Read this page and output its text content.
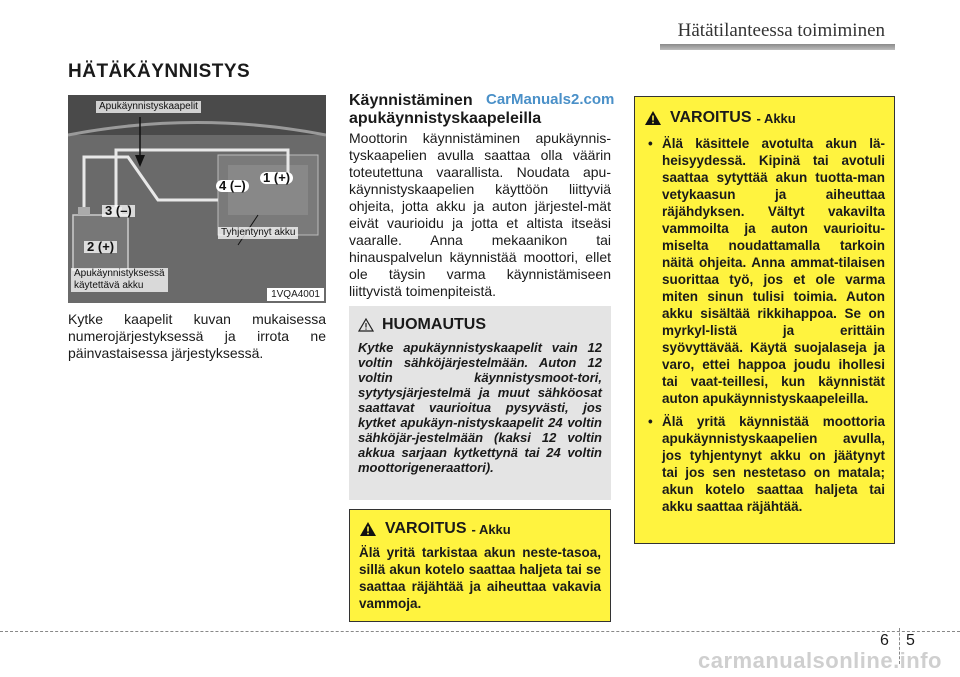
Hätätilanteessa toimiminen
HÄTÄKÄYNNISTYS
Apukäynnistyskaapelit
Tyhjentynyt akku
Apukäynnistyksessä
käytettävä akku
1 (+)
4 (–)
3 (–)
2 (+)
1VQA4001

Kytke kaapelit kuvan mukaisessa numerojärjestyksessä ja irrota ne päinvastaisessa järjestyksessä.

Käynnistäminen apukäynnistyskaapeleilla
CarManuals2.com

Moottorin käynnistäminen apukäynnis-tyskaapelien avulla saattaa olla väärin toteutettuna vaarallista. Noudata apu-käynnistyskaapelien käyttöön liittyviä ohjeita, jotta akku ja auton järjestel-mät eivät vaurioidu ja jotta et altista itseäsi vaaralle. Anna mekaanikon tai hinauspalvelun käynnistää moottori, ellet ole täysin varma käynnistämiseen liittyvistä toimenpiteistä.

HUOMAUTUS

Kytke apukäynnistyskaapelit vain 12 voltin sähköjärjestelmään. Auton 12 voltin käynnistysmoot-tori, sytytysjärjestelmä ja muut sähköosat saattavat vaurioitua pysyvästi, jos kytket apukäyn-nistyskaapelit 24 voltin sähköjär-jestelmään (kaksi 12 voltin akkua sarjaan kytkettynä tai 24 voltin moottorigeneraattori).

VAROITUS - Akku

Älä yritä tarkistaa akun neste-tasoa, sillä akun kotelo saattaa haljeta tai se saattaa räjähtää ja aiheuttaa vakavia vammoja.

VAROITUS - Akku
• Älä käsittele avotulta akun lä-heisyydessä. Kipinä tai avotuli saattaa sytyttää akun tuotta-man vetykaasun ja aiheuttaa räjähdyksen. Vältyt vakavilta vammoilta ja auton vaurioitu-miselta noudattamalla tarkoin näitä ohjeita. Anna ammat-tilaisen suorittaa työ, jos et ole varma miten sinun tulisi toimia. Auton akku sisältää rikkihappoa. Se on myrkyl-listä ja erittäin syövyttävää. Käytä suojalaseja ja varo, ettei happoa joudu ihollesi tai vaat-teillesi, kun käynnistät auton apukäynnistyskaapeleilla.
• Älä yritä käynnistää moottoria apukäynnistyskaapelien avulla, jos tyhjentynyt akku on jäätynyt tai jos sen nestetaso on matala; akun kotelo saattaa haljeta tai akku saattaa räjähtää.
6 5
carmanualsonline.info
